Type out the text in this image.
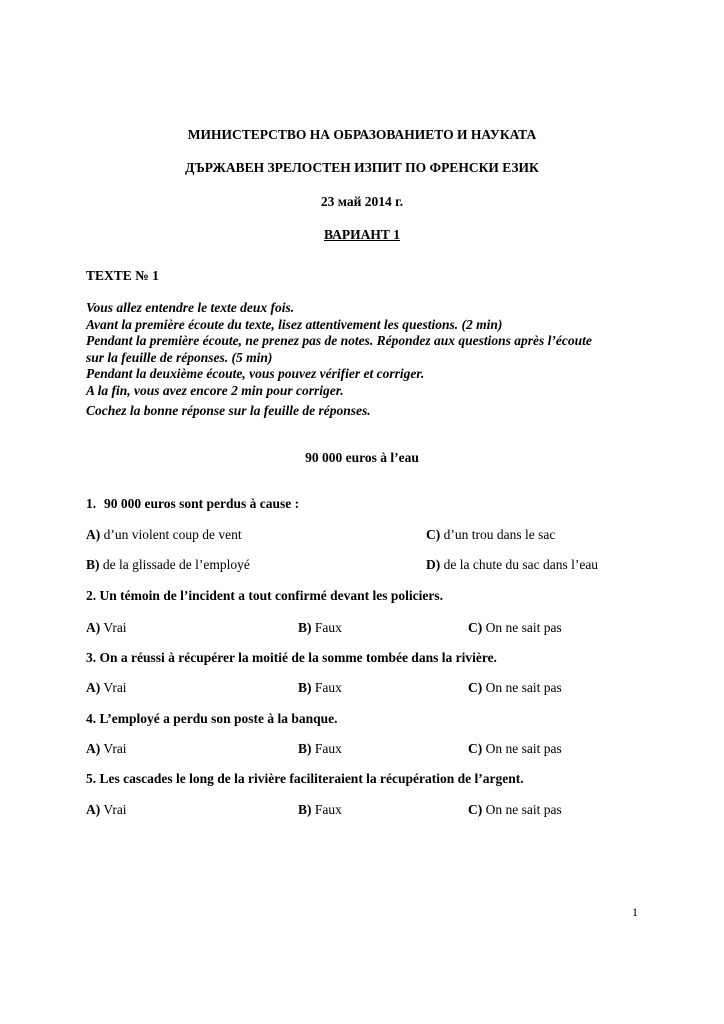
МИНИСТЕРСТВО НА ОБРАЗОВАНИЕТО И НАУКАТА
ДЪРЖАВЕН ЗРЕЛОСТЕН ИЗПИТ ПО ФРЕНСКИ ЕЗИК
23 май 2014 г.
ВАРИАНТ 1
TEXTE № 1
Vous allez entendre le texte deux fois.
Avant la première écoute du texte, lisez attentivement les questions. (2 min)
Pendant la première écoute, ne prenez pas de notes. Répondez aux questions après l’écoute
sur la feuille de réponses. (5 min)
Pendant la deuxième écoute, vous pouvez vérifier et corriger.
A la fin, vous avez encore 2 min pour corriger.
Cochez la bonne réponse sur la feuille de réponses.
90 000 euros à l’eau
1. 90 000 euros sont perdus à cause :
A) d’un violent coup de vent	C) d’un trou dans le sac
B) de la glissade de l’employé	D) de la chute du sac dans l’eau
2. Un témoin de l’incident a tout confirmé devant les policiers.
A) Vrai	B) Faux	C) On ne sait pas
3. On a réussi à récupérer la moitié de la somme tombée dans la rivière.
A) Vrai	B) Faux	C) On ne sait pas
4. L’employé a perdu son poste à la banque.
A) Vrai	B) Faux	C) On ne sait pas
5. Les cascades le long de la rivière faciliteraient la récupération de l’argent.
A) Vrai	B) Faux	C) On ne sait pas
1
